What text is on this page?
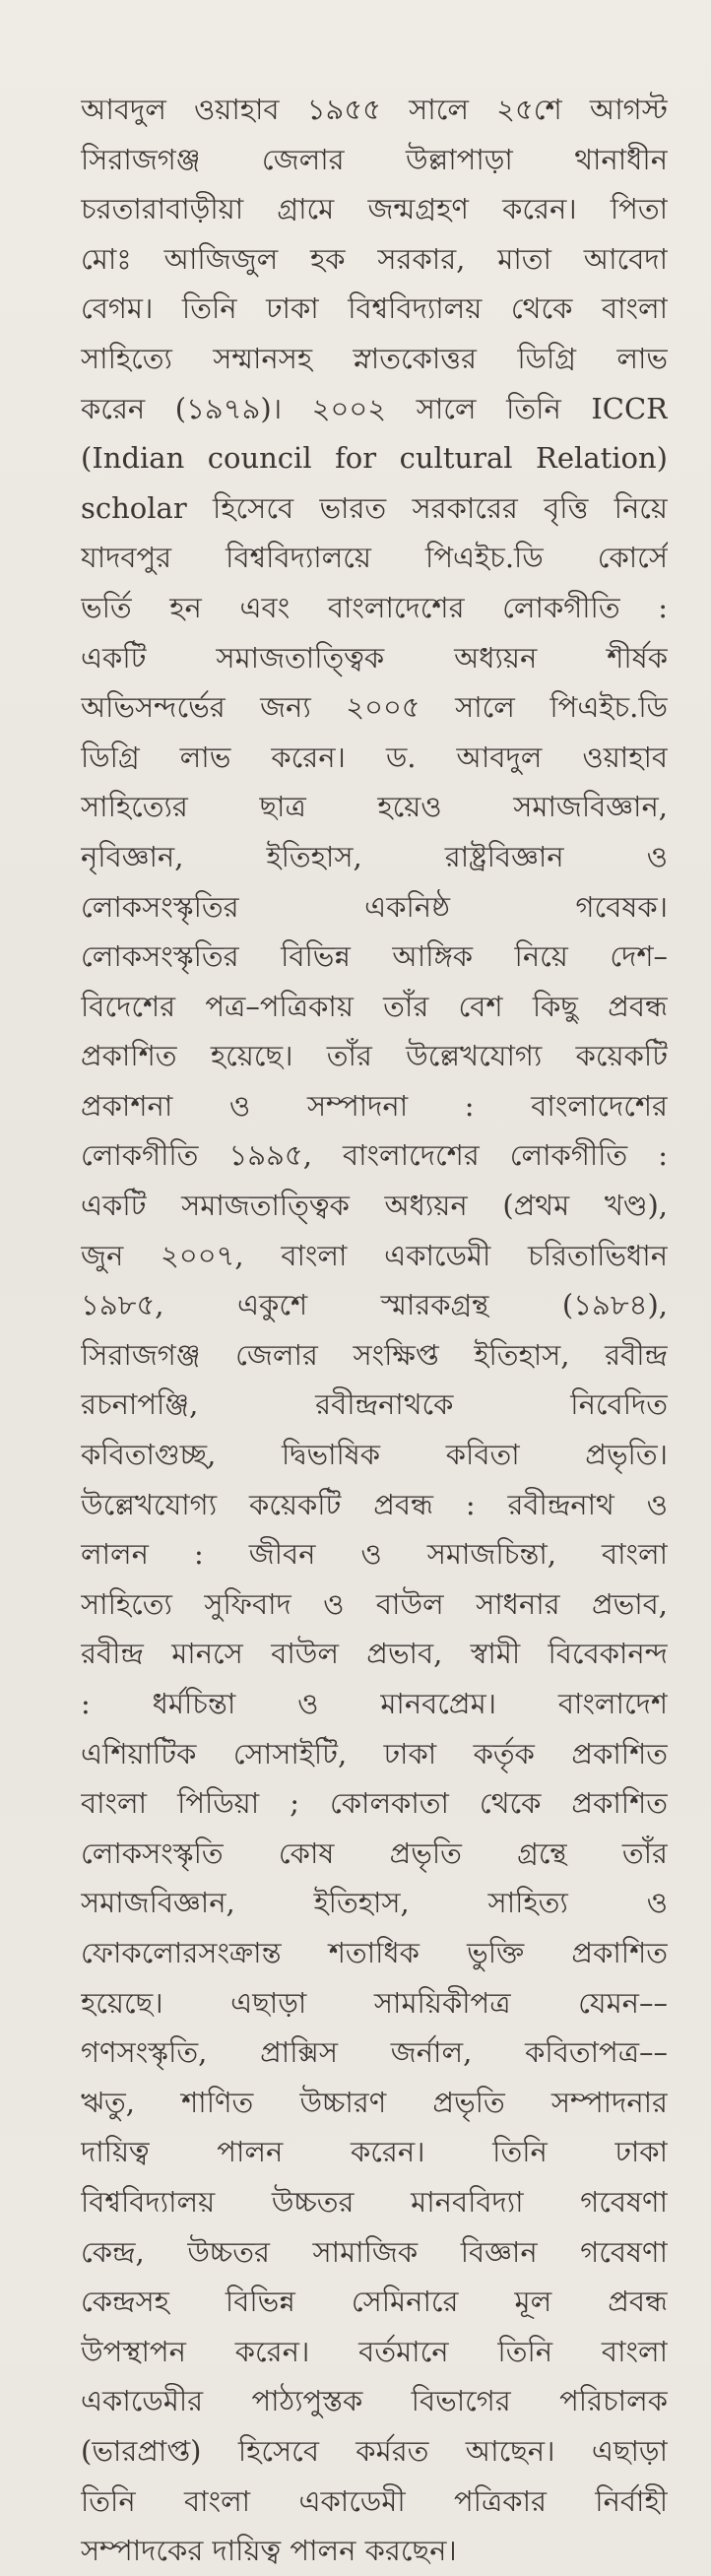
আবদুল ওয়াহাব ১৯৫৫ সালে ২৫শে আগস্ট
সিরাজগঞ্জ জেলার উল্লাপাড়া থানাধীন
চরতারাবাড়ীয়া গ্রামে জন্মগ্রহণ করেন। পিতা
মোঃ আজিজুল হক সরকার, মাতা আবেদা
বেগম। তিনি ঢাকা বিশ্ববিদ্যালয় থেকে বাংলা
সাহিত্যে সম্মানসহ স্নাতকোত্তর ডিগ্রি লাভ
করেন (১৯৭৯)। ২০০২ সালে তিনি ICCR
(Indian council for cultural Relation)
scholar হিসেবে ভারত সরকারের বৃত্তি নিয়ে
যাদবপুর বিশ্ববিদ্যালয়ে পিএইচ.ডি কোর্সে
ভর্তি হন এবং বাংলাদেশের লোকগীতি :
একটি সমাজতাত্ত্বিক অধ্যয়ন শীর্ষক
অভিসন্দর্ভের জন্য ২০০৫ সালে পিএইচ.ডি
ডিগ্রি লাভ করেন। ড. আবদুল ওয়াহাব
সাহিত্যের ছাত্র হয়েও সমাজবিজ্ঞান,
নৃবিজ্ঞান, ইতিহাস, রাষ্ট্রবিজ্ঞান ও
লোকসংস্কৃতির একনিষ্ঠ গবেষক।
লোকসংস্কৃতির বিভিন্ন আঙ্গিক নিয়ে দেশ–
বিদেশের পত্র–পত্রিকায় তাঁর বেশ কিছু প্রবন্ধ
প্রকাশিত হয়েছে। তাঁর উল্লেখযোগ্য কয়েকটি
প্রকাশনা ও সম্পাদনা : বাংলাদেশের
লোকগীতি ১৯৯৫, বাংলাদেশের লোকগীতি :
একটি সমাজতাত্ত্বিক অধ্যয়ন (প্রথম খণ্ড),
জুন ২০০৭, বাংলা একাডেমী চরিতাভিধান
১৯৮৫, একুশে স্মারকগ্রন্থ (১৯৮৪),
সিরাজগঞ্জ জেলার সংক্ষিপ্ত ইতিহাস, রবীন্দ্র
রচনাপঞ্জি, রবীন্দ্রনাথকে নিবেদিত
কবিতাগুচ্ছ, দ্বিভাষিক কবিতা প্রভৃতি।
উল্লেখযোগ্য কয়েকটি প্রবন্ধ : রবীন্দ্রনাথ ও
লালন : জীবন ও সমাজচিন্তা, বাংলা
সাহিত্যে সুফিবাদ ও বাউল সাধনার প্রভাব,
রবীন্দ্র মানসে বাউল প্রভাব, স্বামী বিবেকানন্দ
: ধর্মচিন্তা ও মানবপ্রেম। বাংলাদেশ
এশিয়াটিক সোসাইটি, ঢাকা কর্তৃক প্রকাশিত
বাংলা পিডিয়া ; কোলকাতা থেকে প্রকাশিত
লোকসংস্কৃতি কোষ প্রভৃতি গ্রন্থে তাঁর
সমাজবিজ্ঞান, ইতিহাস, সাহিত্য ও
ফোকলোরসংক্রান্ত শতাধিক ভুক্তি প্রকাশিত
হয়েছে। এছাড়া সাময়িকীপত্র যেমন––
গণসংস্কৃতি, প্রাক্সিস জর্নাল, কবিতাপত্র––
ঋতু, শাণিত উচ্চারণ প্রভৃতি সম্পাদনার
দায়িত্ব পালন করেন। তিনি ঢাকা
বিশ্ববিদ্যালয় উচ্চতর মানববিদ্যা গবেষণা
কেন্দ্র, উচ্চতর সামাজিক বিজ্ঞান গবেষণা
কেন্দ্রসহ বিভিন্ন সেমিনারে মূল প্রবন্ধ
উপস্থাপন করেন। বর্তমানে তিনি বাংলা
একাডেমীর পাঠ্যপুস্তক বিভাগের পরিচালক
(ভারপ্রাপ্ত) হিসেবে কর্মরত আছেন। এছাড়া
তিনি বাংলা একাডেমী পত্রিকার নির্বাহী
সম্পাদকের দায়িত্ব পালন করছেন।
